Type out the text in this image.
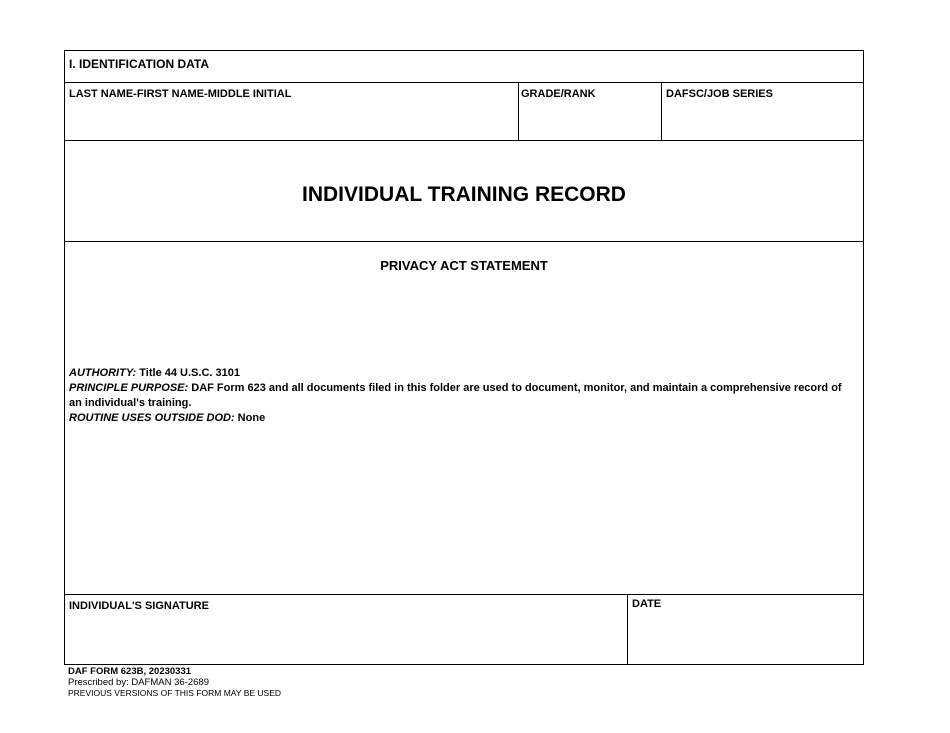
I. IDENTIFICATION DATA
LAST NAME-FIRST NAME-MIDDLE INITIAL	GRADE/RANK	DAFSC/JOB SERIES
INDIVIDUAL TRAINING RECORD
PRIVACY ACT STATEMENT

AUTHORITY: Title 44 U.S.C. 3101

PRINCIPLE PURPOSE: DAF Form 623 and all documents filed in this folder are used to document, monitor, and maintain a comprehensive record of an individual's training.

ROUTINE USES OUTSIDE DOD: None

INDIVIDUAL'S SIGNATURE	DATE
DAF FORM 623B, 20230331
Prescribed by: DAFMAN 36-2689
PREVIOUS VERSIONS OF THIS FORM MAY BE USED
